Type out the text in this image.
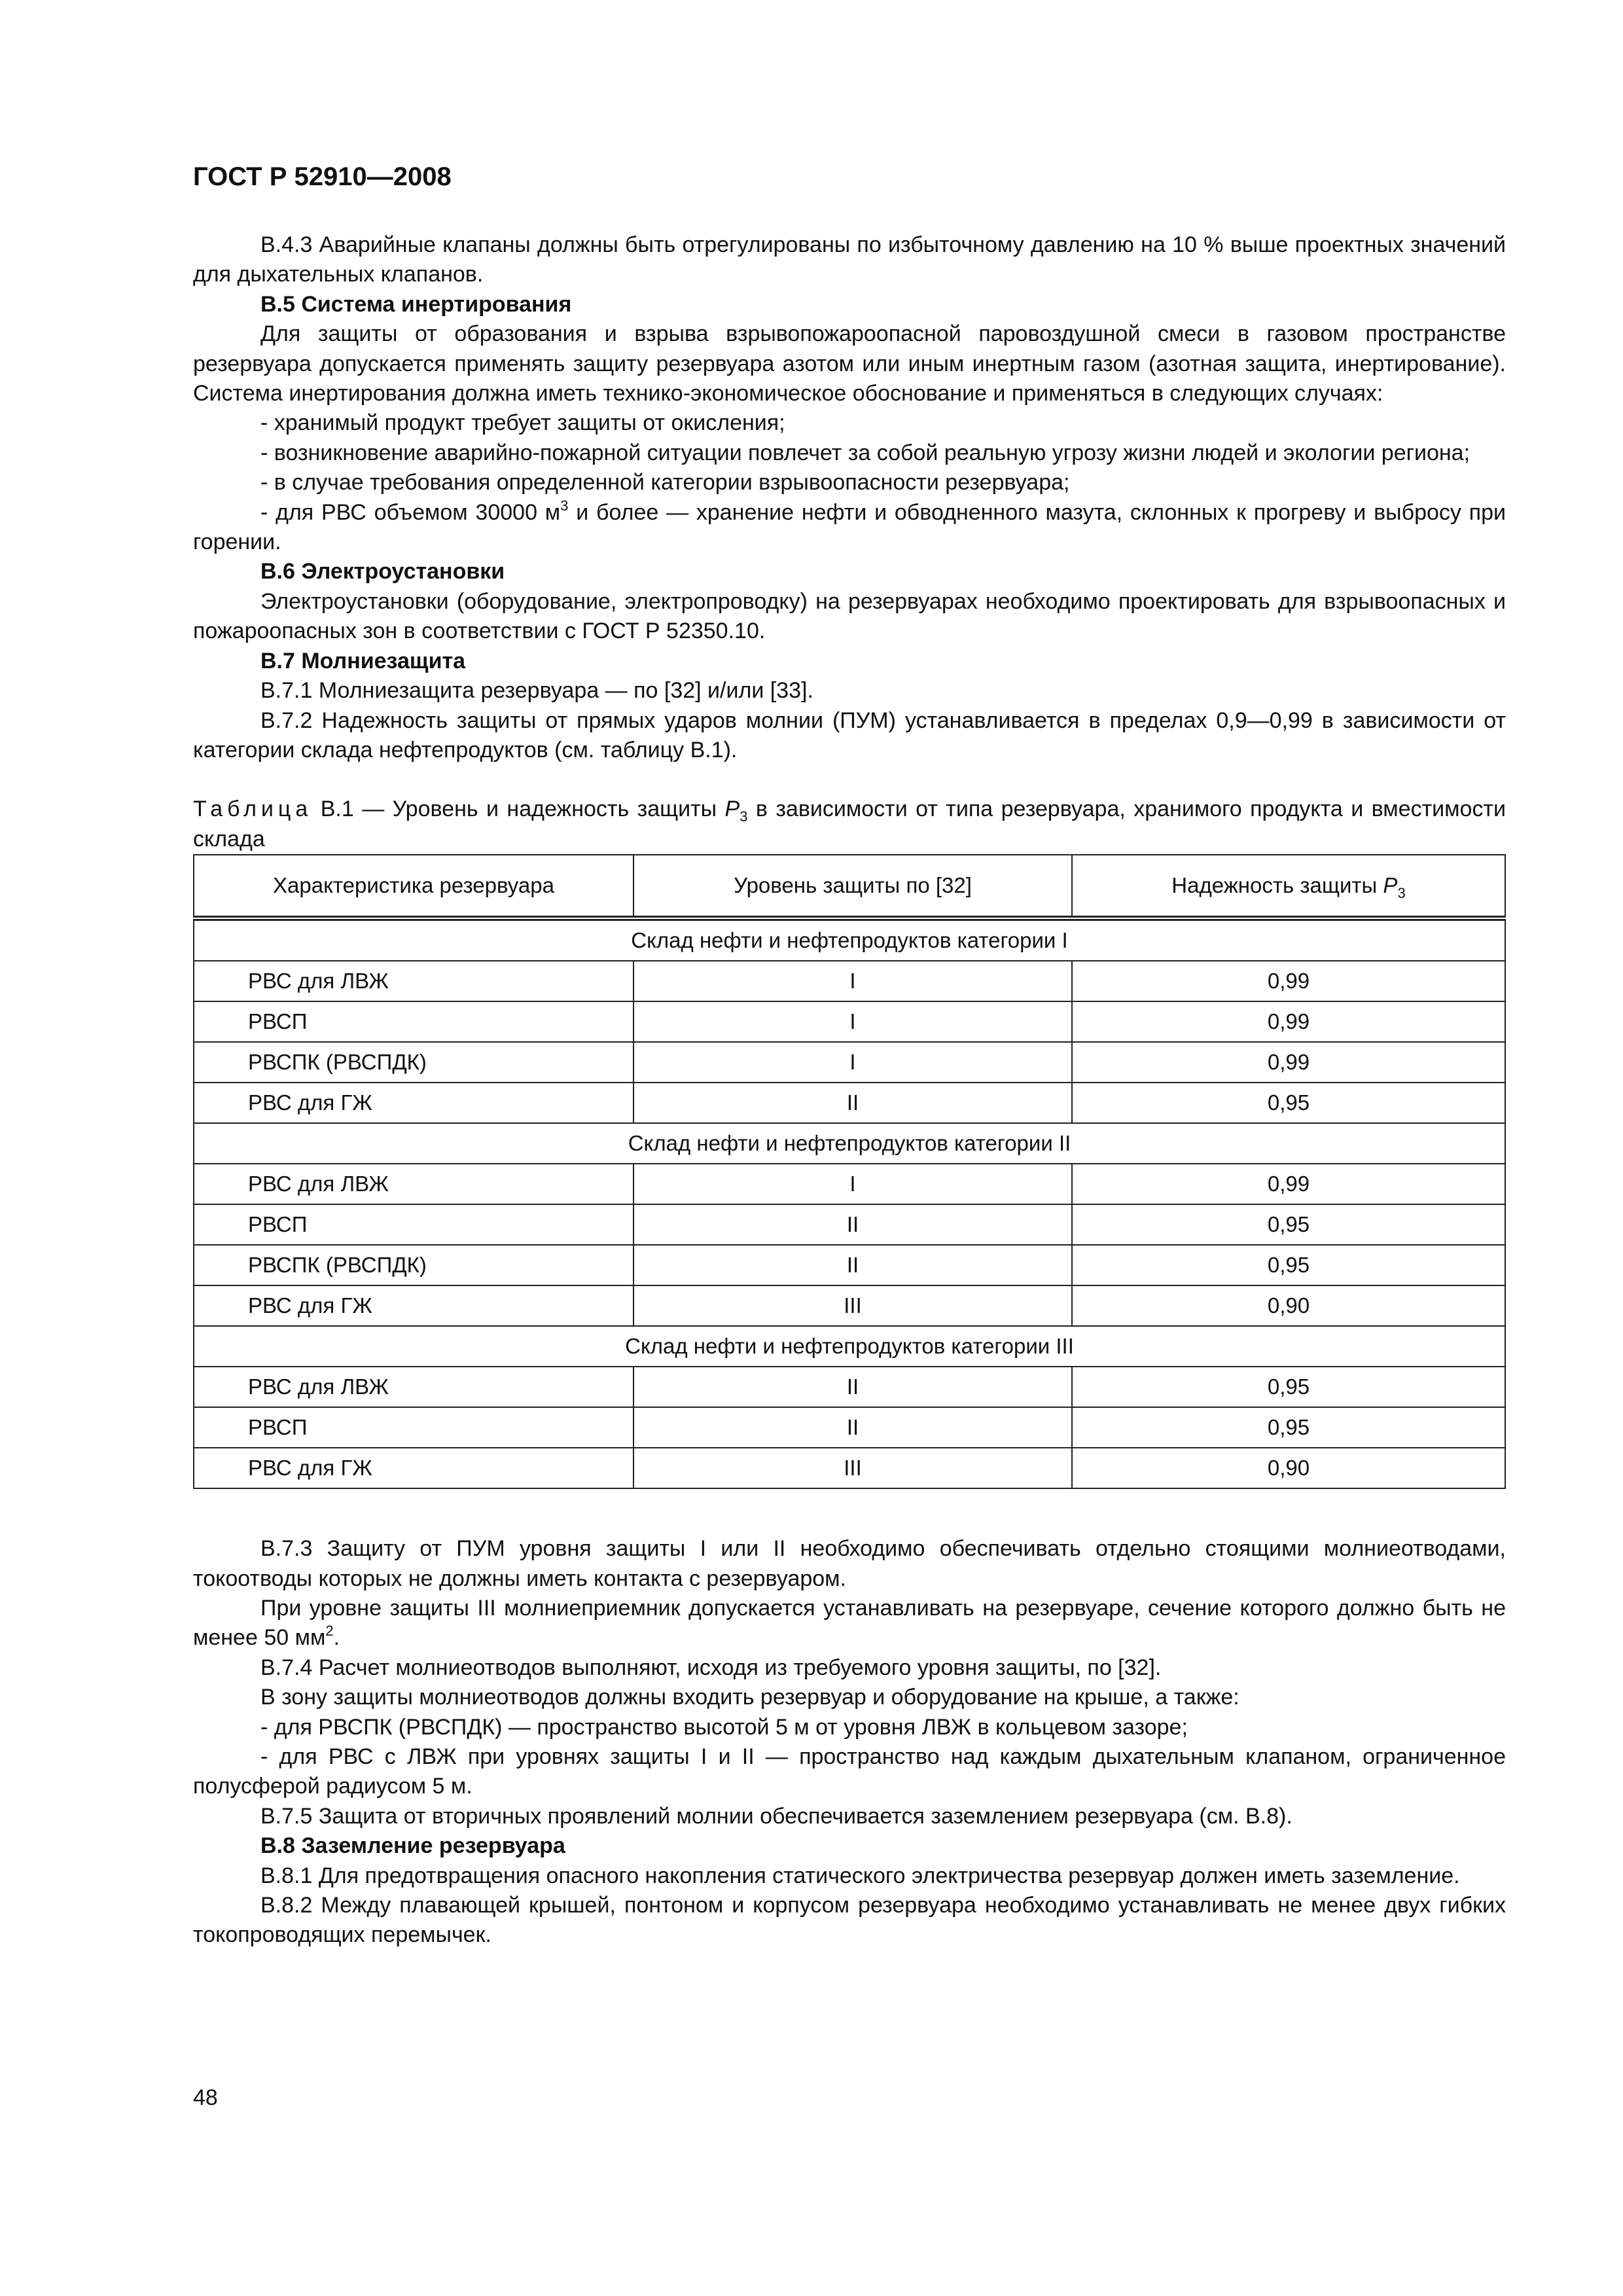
ГОСТ Р 52910—2008

В.4.3 Аварийные клапаны должны быть отрегулированы по избыточному давлению на 10 % выше проектных значений для дыхательных клапанов.

В.5 Система инертирования

Для защиты от образования и взрыва взрывопожароопасной паровоздушной смеси в газовом пространстве резервуара допускается применять защиту резервуара азотом или иным инертным газом (азотная защита, инертирование). Система инертирования должна иметь технико-экономическое обоснование и применяться в следующих случаях:

- хранимый продукт требует защиты от окисления;

- возникновение аварийно-пожарной ситуации повлечет за собой реальную угрозу жизни людей и экологии региона;

- в случае требования определенной категории взрывоопасности резервуара;

- для РВС объемом 30000 $м^3$ и более — хранение нефти и обводненного мазута, склонных к прогреву и выбросу при горении.

В.6 Электроустановки

Электроустановки (оборудование, электропроводку) на резервуарах необходимо проектировать для взрывоопасных и пожароопасных зон в соответствии с ГОСТ Р 52350.10.

В.7 Молниезащита

В.7.1 Молниезащита резервуара — по [32] и/или [33].

В.7.2 Надежность защиты от прямых ударов молнии (ПУМ) устанавливается в пределах 0,9—0,99 в зависимости от категории склада нефтепродуктов (см. таблицу В.1).

Таблица В.1 — Уровень и надежность защиты $P_3$ в зависимости от типа резервуара, хранимого продукта и вместимости склада

Характеристика резервуара	Уровень защиты по [32]	Надежность защиты $P_3$
Склад нефти и нефтепродуктов категории I		
РВС для ЛВЖ	I	0,99
РВСП	I	0,99
РВСПК (РВСПДК)	I	0,99
РВС для ГЖ	II	0,95
Склад нефти и нефтепродуктов категории II		
РВС для ЛВЖ	I	0,99
РВСП	II	0,95
РВСПК (РВСПДК)	II	0,95
РВС для ГЖ	III	0,90
Склад нефти и нефтепродуктов категории III		
РВС для ЛВЖ	II	0,95
РВСП	II	0,95
РВС для ГЖ	III	0,90

В.7.3 Защиту от ПУМ уровня защиты I или II необходимо обеспечивать отдельно стоящими молниеотводами, токоотводы которых не должны иметь контакта с резервуаром.

При уровне защиты III молниеприемник допускается устанавливать на резервуаре, сечение которого должно быть не менее 50 $мм^2$.

В.7.4 Расчет молниеотводов выполняют, исходя из требуемого уровня защиты, по [32].

В зону защиты молниеотводов должны входить резервуар и оборудование на крыше, а также:

- для РВСПК (РВСПДК) — пространство высотой 5 м от уровня ЛВЖ в кольцевом зазоре;

- для РВС с ЛВЖ при уровнях защиты I и II — пространство над каждым дыхательным клапаном, ограниченное полусферой радиусом 5 м.

В.7.5 Защита от вторичных проявлений молнии обеспечивается заземлением резервуара (см. В.8).

В.8 Заземление резервуара

В.8.1 Для предотвращения опасного накопления статического электричества резервуар должен иметь заземление.

В.8.2 Между плавающей крышей, понтоном и корпусом резервуара необходимо устанавливать не менее двух гибких токопроводящих перемычек.

48
